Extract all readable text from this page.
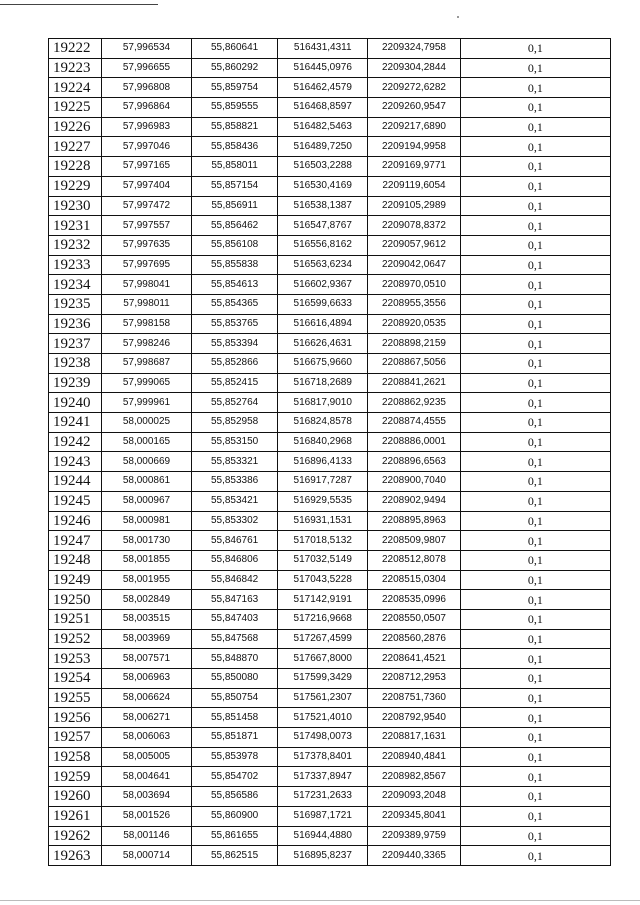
19222	57,996534	55,860641	516431,4311	2209324,7958	0,1
19223	57,996655	55,860292	516445,0976	2209304,2844	0,1
19224	57,996808	55,859754	516462,4579	2209272,6282	0,1
19225	57,996864	55,859555	516468,8597	2209260,9547	0,1
19226	57,996983	55,858821	516482,5463	2209217,6890	0,1
19227	57,997046	55,858436	516489,7250	2209194,9958	0,1
19228	57,997165	55,858011	516503,2288	2209169,9771	0,1
19229	57,997404	55,857154	516530,4169	2209119,6054	0,1
19230	57,997472	55,856911	516538,1387	2209105,2989	0,1
19231	57,997557	55,856462	516547,8767	2209078,8372	0,1
19232	57,997635	55,856108	516556,8162	2209057,9612	0,1
19233	57,997695	55,855838	516563,6234	2209042,0647	0,1
19234	57,998041	55,854613	516602,9367	2208970,0510	0,1
19235	57,998011	55,854365	516599,6633	2208955,3556	0,1
19236	57,998158	55,853765	516616,4894	2208920,0535	0,1
19237	57,998246	55,853394	516626,4631	2208898,2159	0,1
19238	57,998687	55,852866	516675,9660	2208867,5056	0,1
19239	57,999065	55,852415	516718,2689	2208841,2621	0,1
19240	57,999961	55,852764	516817,9010	2208862,9235	0,1
19241	58,000025	55,852958	516824,8578	2208874,4555	0,1
19242	58,000165	55,853150	516840,2968	2208886,0001	0,1
19243	58,000669	55,853321	516896,4133	2208896,6563	0,1
19244	58,000861	55,853386	516917,7287	2208900,7040	0,1
19245	58,000967	55,853421	516929,5535	2208902,9494	0,1
19246	58,000981	55,853302	516931,1531	2208895,8963	0,1
19247	58,001730	55,846761	517018,5132	2208509,9807	0,1
19248	58,001855	55,846806	517032,5149	2208512,8078	0,1
19249	58,001955	55,846842	517043,5228	2208515,0304	0,1
19250	58,002849	55,847163	517142,9191	2208535,0996	0,1
19251	58,003515	55,847403	517216,9668	2208550,0507	0,1
19252	58,003969	55,847568	517267,4599	2208560,2876	0,1
19253	58,007571	55,848870	517667,8000	2208641,4521	0,1
19254	58,006963	55,850080	517599,3429	2208712,2953	0,1
19255	58,006624	55,850754	517561,2307	2208751,7360	0,1
19256	58,006271	55,851458	517521,4010	2208792,9540	0,1
19257	58,006063	55,851871	517498,0073	2208817,1631	0,1
19258	58,005005	55,853978	517378,8401	2208940,4841	0,1
19259	58,004641	55,854702	517337,8947	2208982,8567	0,1
19260	58,003694	55,856586	517231,2633	2209093,2048	0,1
19261	58,001526	55,860900	516987,1721	2209345,8041	0,1
19262	58,001146	55,861655	516944,4880	2209389,9759	0,1
19263	58,000714	55,862515	516895,8237	2209440,3365	0,1
